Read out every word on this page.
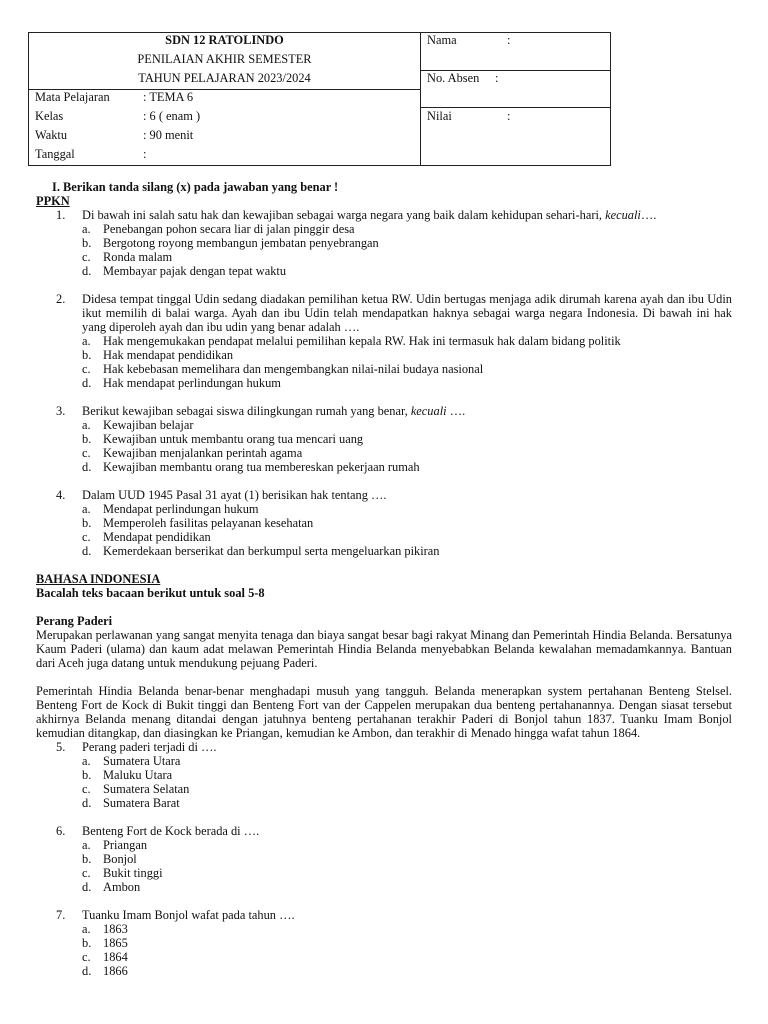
SDN 12 RATOLINDO
PENILAIAN AKHIR SEMESTER
TAHUN PELAJARAN 2023/2024
Mata Pelajaran	: TEMA 6
Kelas	: 6 ( enam )
Waktu	: 90 menit
Tanggal	:
Nama	:
No. Absen :
Nilai	:
I. Berikan tanda silang (x) pada jawaban yang benar !
PPKN
1. Di bawah ini salah satu hak dan kewajiban sebagai warga negara yang baik dalam kehidupan sehari-hari, kecuali….
a. Penebangan pohon secara liar di jalan pinggir desa
b. Bergotong royong membangun jembatan penyebrangan
c. Ronda malam
d. Membayar pajak dengan tepat waktu
2. Didesa tempat tinggal Udin sedang diadakan pemilihan ketua RW. Udin bertugas menjaga adik dirumah karena ayah dan ibu Udin ikut memilih di balai warga. Ayah dan ibu Udin telah mendapatkan haknya sebagai warga negara Indonesia. Di bawah ini hak yang diperoleh ayah dan ibu udin yang benar adalah ….
a. Hak mengemukakan pendapat melalui pemilihan kepala RW. Hak ini termasuk hak dalam bidang politik
b. Hak mendapat pendidikan
c. Hak kebebasan memelihara dan mengembangkan nilai-nilai budaya nasional
d. Hak mendapat perlindungan hukum
3. Berikut kewajiban sebagai siswa dilingkungan rumah yang benar, kecuali ….
a. Kewajiban belajar
b. Kewajiban untuk membantu orang tua mencari uang
c. Kewajiban menjalankan perintah agama
d. Kewajiban membantu orang tua membereskan pekerjaan rumah
4. Dalam UUD 1945 Pasal 31 ayat (1) berisikan hak tentang ….
a. Mendapat perlindungan hukum
b. Memperoleh fasilitas pelayanan kesehatan
c. Mendapat pendidikan
d. Kemerdekaan berserikat dan berkumpul serta mengeluarkan pikiran
BAHASA INDONESIA
Bacalah teks bacaan berikut untuk soal 5-8
Perang Paderi
Merupakan perlawanan yang sangat menyita tenaga dan biaya sangat besar bagi rakyat Minang dan Pemerintah Hindia Belanda. Bersatunya Kaum Paderi (ulama) dan kaum adat melawan Pemerintah Hindia Belanda menyebabkan Belanda kewalahan memadamkannya. Bantuan dari Aceh juga datang untuk mendukung pejuang Paderi.
Pemerintah Hindia Belanda benar-benar menghadapi musuh yang tangguh. Belanda menerapkan system pertahanan Benteng Stelsel. Benteng Fort de Kock di Bukit tinggi dan Benteng Fort van der Cappelen merupakan dua benteng pertahanannya. Dengan siasat tersebut akhirnya Belanda menang ditandai dengan jatuhnya benteng pertahanan terakhir Paderi di Bonjol tahun 1837. Tuanku Imam Bonjol kemudian ditangkap, dan diasingkan ke Priangan, kemudian ke Ambon, dan terakhir di Menado hingga wafat tahun 1864.
5. Perang paderi terjadi di ….
a. Sumatera Utara
b. Maluku Utara
c. Sumatera Selatan
d. Sumatera Barat
6. Benteng Fort de Kock berada di ….
a. Priangan
b. Bonjol
c. Bukit tinggi
d. Ambon
7. Tuanku Imam Bonjol wafat pada tahun ….
a. 1863
b. 1865
c. 1864
d. 1866
